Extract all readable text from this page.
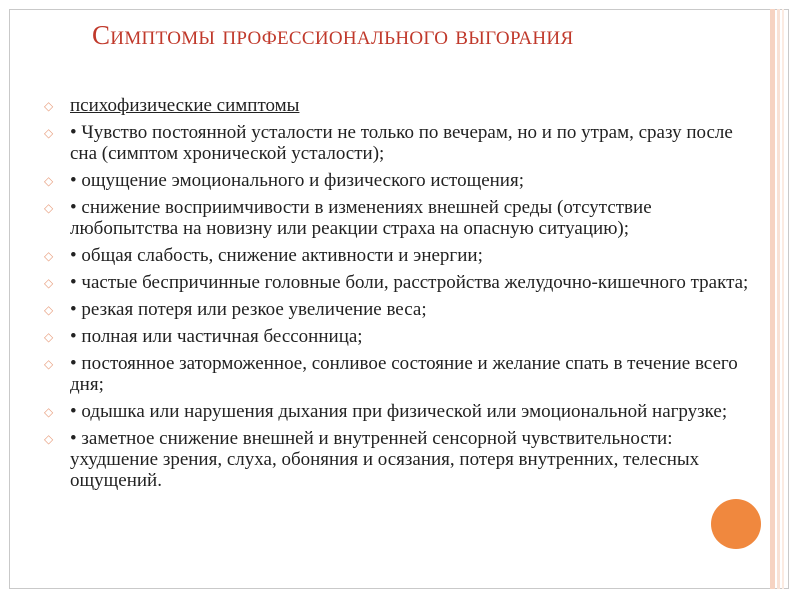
Симптомы профессионального выгорания
◇ психофизические симптомы
◇ • Чувство постоянной усталости не только по вечерам, но и по утрам, сразу после сна (симптом хронической усталости);
◇ • ощущение эмоционального и физического истощения;
◇ • снижение восприимчивости в изменениях внешней среды (отсутствие любопытства на новизну или реакции страха на опасную ситуацию);
◇ • общая слабость, снижение активности и энергии;
◇ • частые беспричинные головные боли, расстройства желудочно-кишечного тракта;
◇ • резкая потеря или резкое увеличение веса;
◇ • полная или частичная бессонница;
◇ • постоянное заторможенное, сонливое состояние и желание спать в течение всего дня;
◇ • одышка или нарушения дыхания при физической или эмоциональной нагрузке;
◇ • заметное снижение внешней и внутренней сенсорной чувствительности: ухудшение зрения, слуха, обоняния и осязания, потеря внутренних, телесных ощущений.
